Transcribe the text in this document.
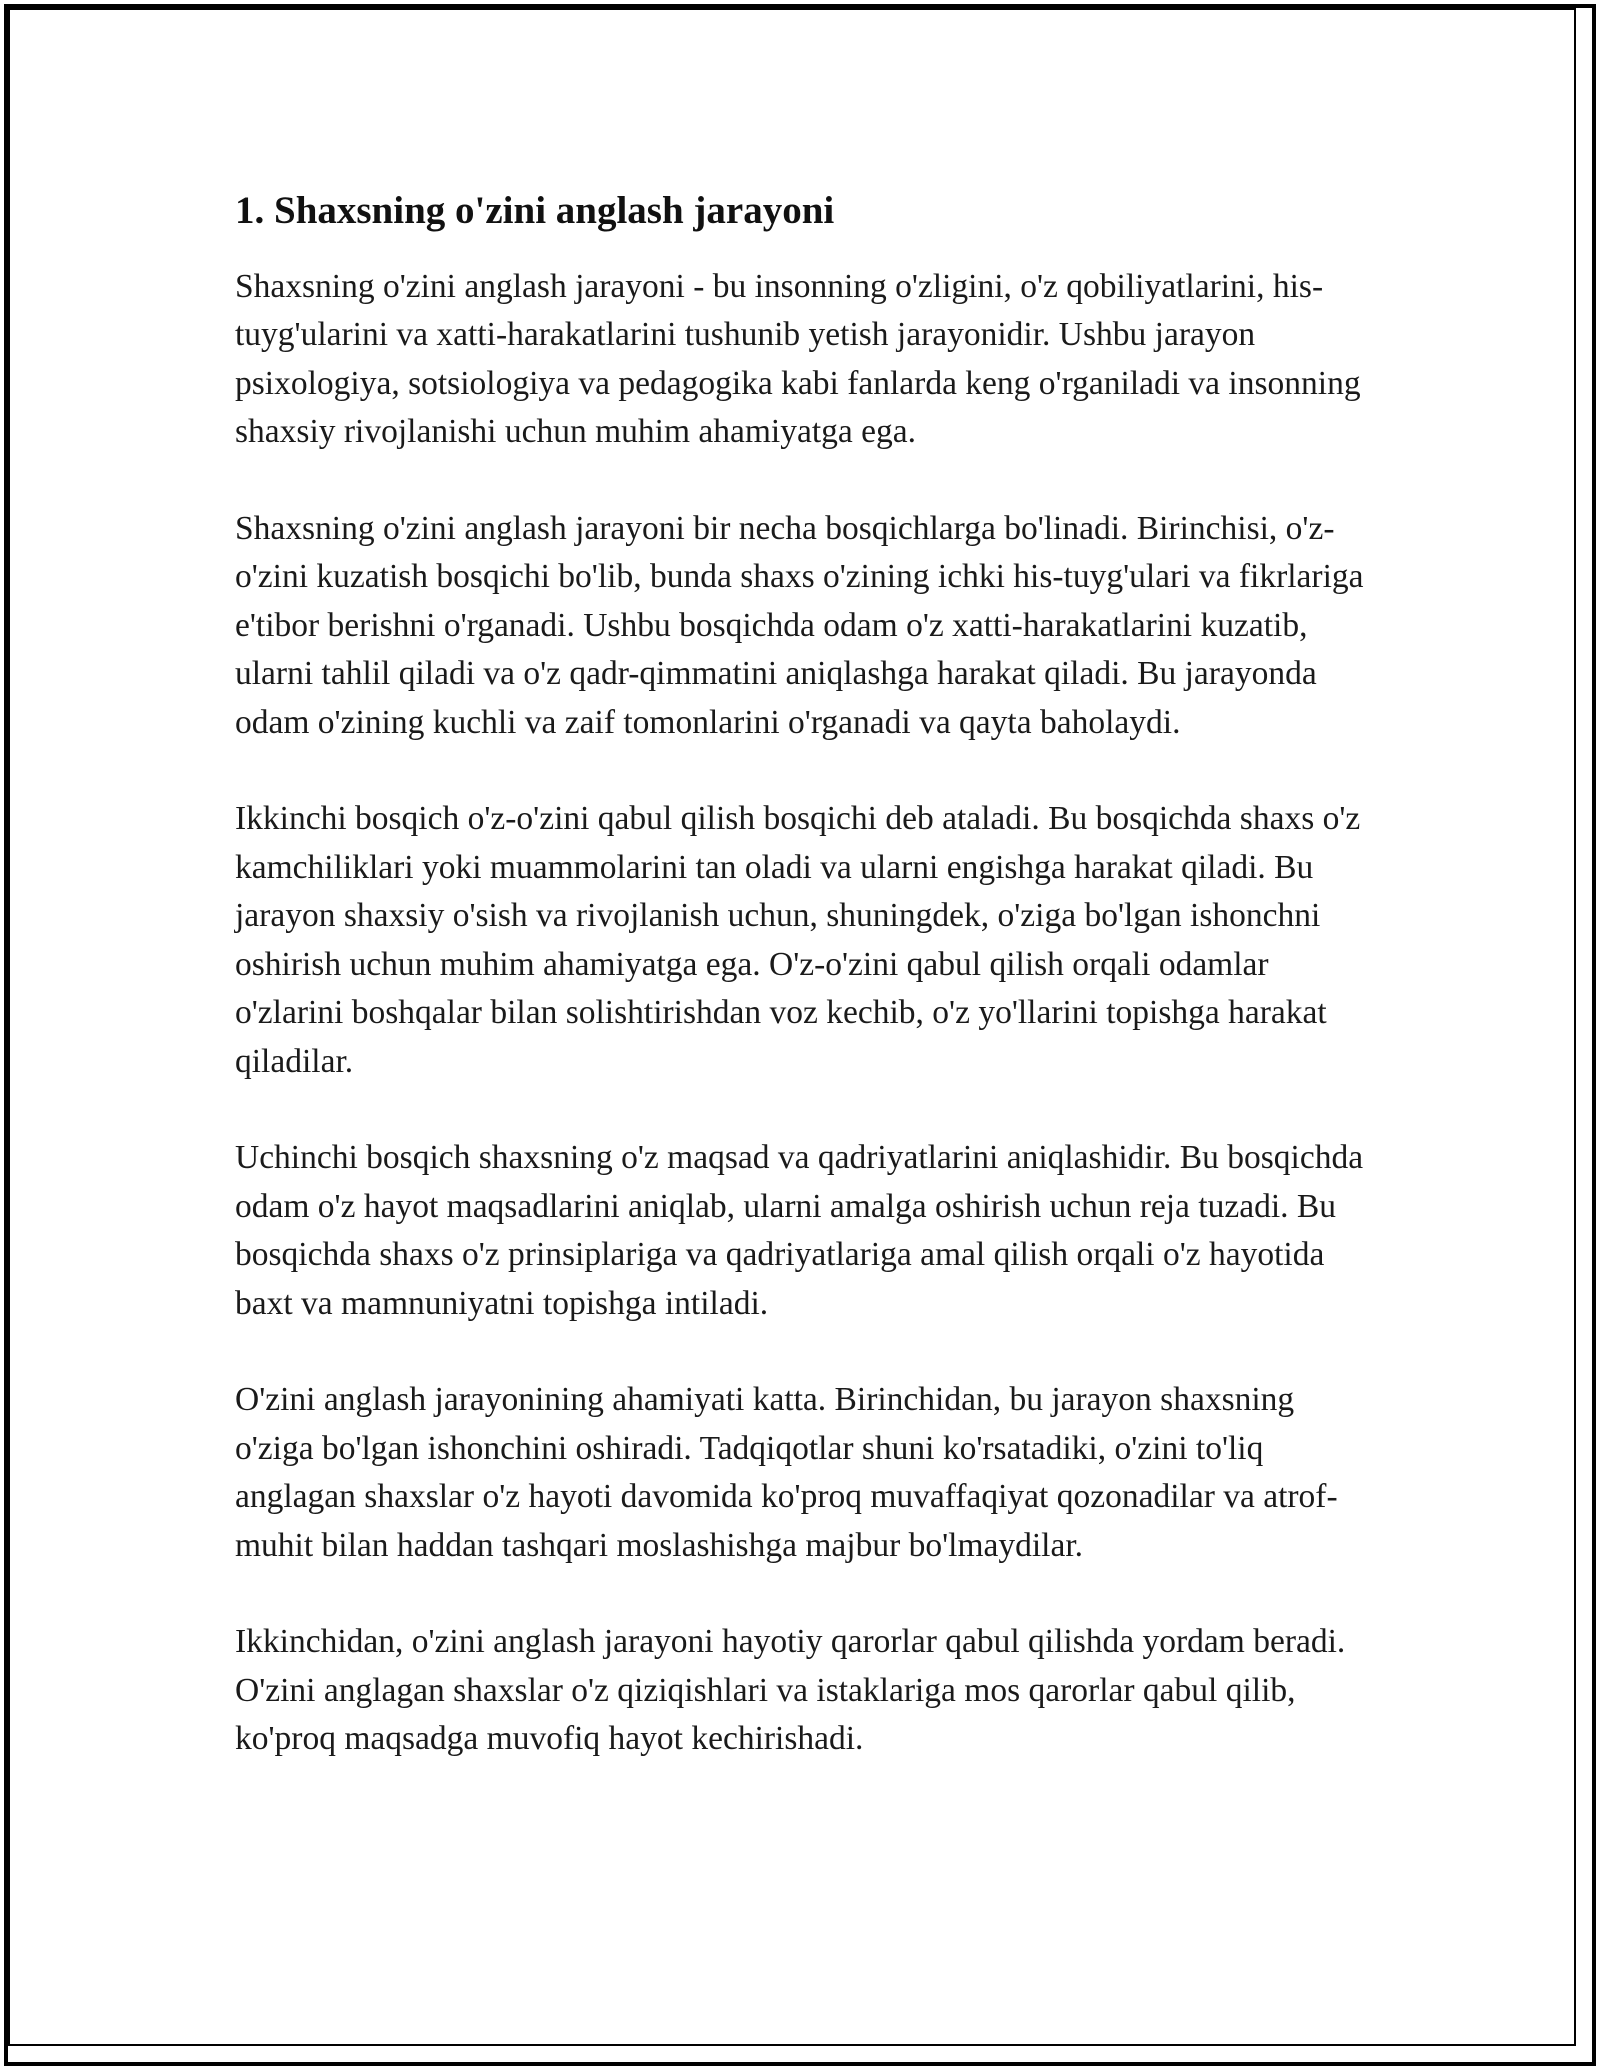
1. Shaxsning o'zini anglash jarayoni

Shaxsning o'zini anglash jarayoni - bu insonning o'zligini, o'z qobiliyatlarini, his-tuyg'ularini va xatti-harakatlarini tushunib yetish jarayonidir. Ushbu jarayon psixologiya, sotsiologiya va pedagogika kabi fanlarda keng o'rganiladi va insonning shaxsiy rivojlanishi uchun muhim ahamiyatga ega.

Shaxsning o'zini anglash jarayoni bir necha bosqichlarga bo'linadi. Birinchisi, o'z-o'zini kuzatish bosqichi bo'lib, bunda shaxs o'zining ichki his-tuyg'ulari va fikrlariga e'tibor berishni o'rganadi. Ushbu bosqichda odam o'z xatti-harakatlarini kuzatib, ularni tahlil qiladi va o'z qadr-qimmatini aniqlashga harakat qiladi. Bu jarayonda odam o'zining kuchli va zaif tomonlarini o'rganadi va qayta baholaydi.

Ikkinchi bosqich o'z-o'zini qabul qilish bosqichi deb ataladi. Bu bosqichda shaxs o'z kamchiliklari yoki muammolarini tan oladi va ularni engishga harakat qiladi. Bu jarayon shaxsiy o'sish va rivojlanish uchun, shuningdek, o'ziga bo'lgan ishonchni oshirish uchun muhim ahamiyatga ega. O'z-o'zini qabul qilish orqali odamlar o'zlarini boshqalar bilan solishtirishdan voz kechib, o'z yo'llarini topishga harakat qiladilar.

Uchinchi bosqich shaxsning o'z maqsad va qadriyatlarini aniqlashidir. Bu bosqichda odam o'z hayot maqsadlarini aniqlab, ularni amalga oshirish uchun reja tuzadi. Bu bosqichda shaxs o'z prinsiplariga va qadriyatlariga amal qilish orqali o'z hayotida baxt va mamnuniyatni topishga intiladi.

O'zini anglash jarayonining ahamiyati katta. Birinchidan, bu jarayon shaxsning o'ziga bo'lgan ishonchini oshiradi. Tadqiqotlar shuni ko'rsatadiki, o'zini to'liq anglagan shaxslar o'z hayoti davomida ko'proq muvaffaqiyat qozonadilar va atrof-muhit bilan haddan tashqari moslashishga majbur bo'lmaydilar.

Ikkinchidan, o'zini anglash jarayoni hayotiy qarorlar qabul qilishda yordam beradi. O'zini anglagan shaxslar o'z qiziqishlari va istaklariga mos qarorlar qabul qilib, ko'proq maqsadga muvofiq hayot kechirishadi.
